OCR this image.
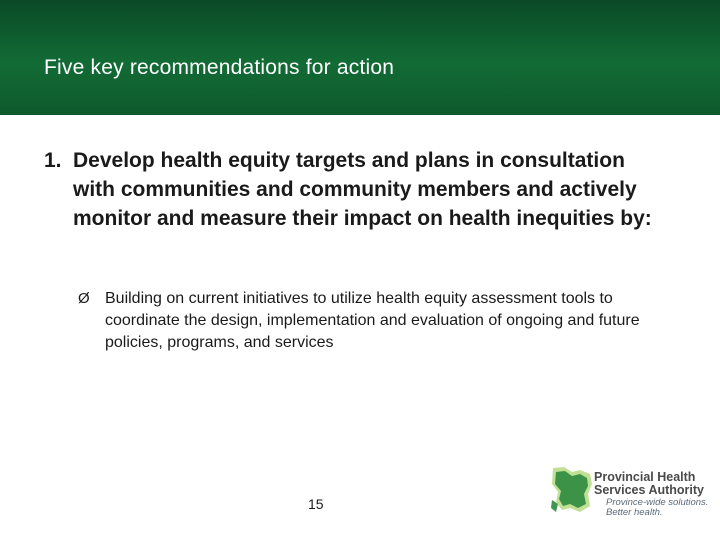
Five key recommendations for action
1. Develop health equity targets and plans in consultation with communities and community members and actively monitor and measure their impact on health inequities by:
Ø Building on current initiatives to utilize health equity assessment tools to coordinate the design, implementation and evaluation of ongoing and future policies, programs, and services
15
Provincial Health
Services Authority
Province-wide solutions.
Better health.
